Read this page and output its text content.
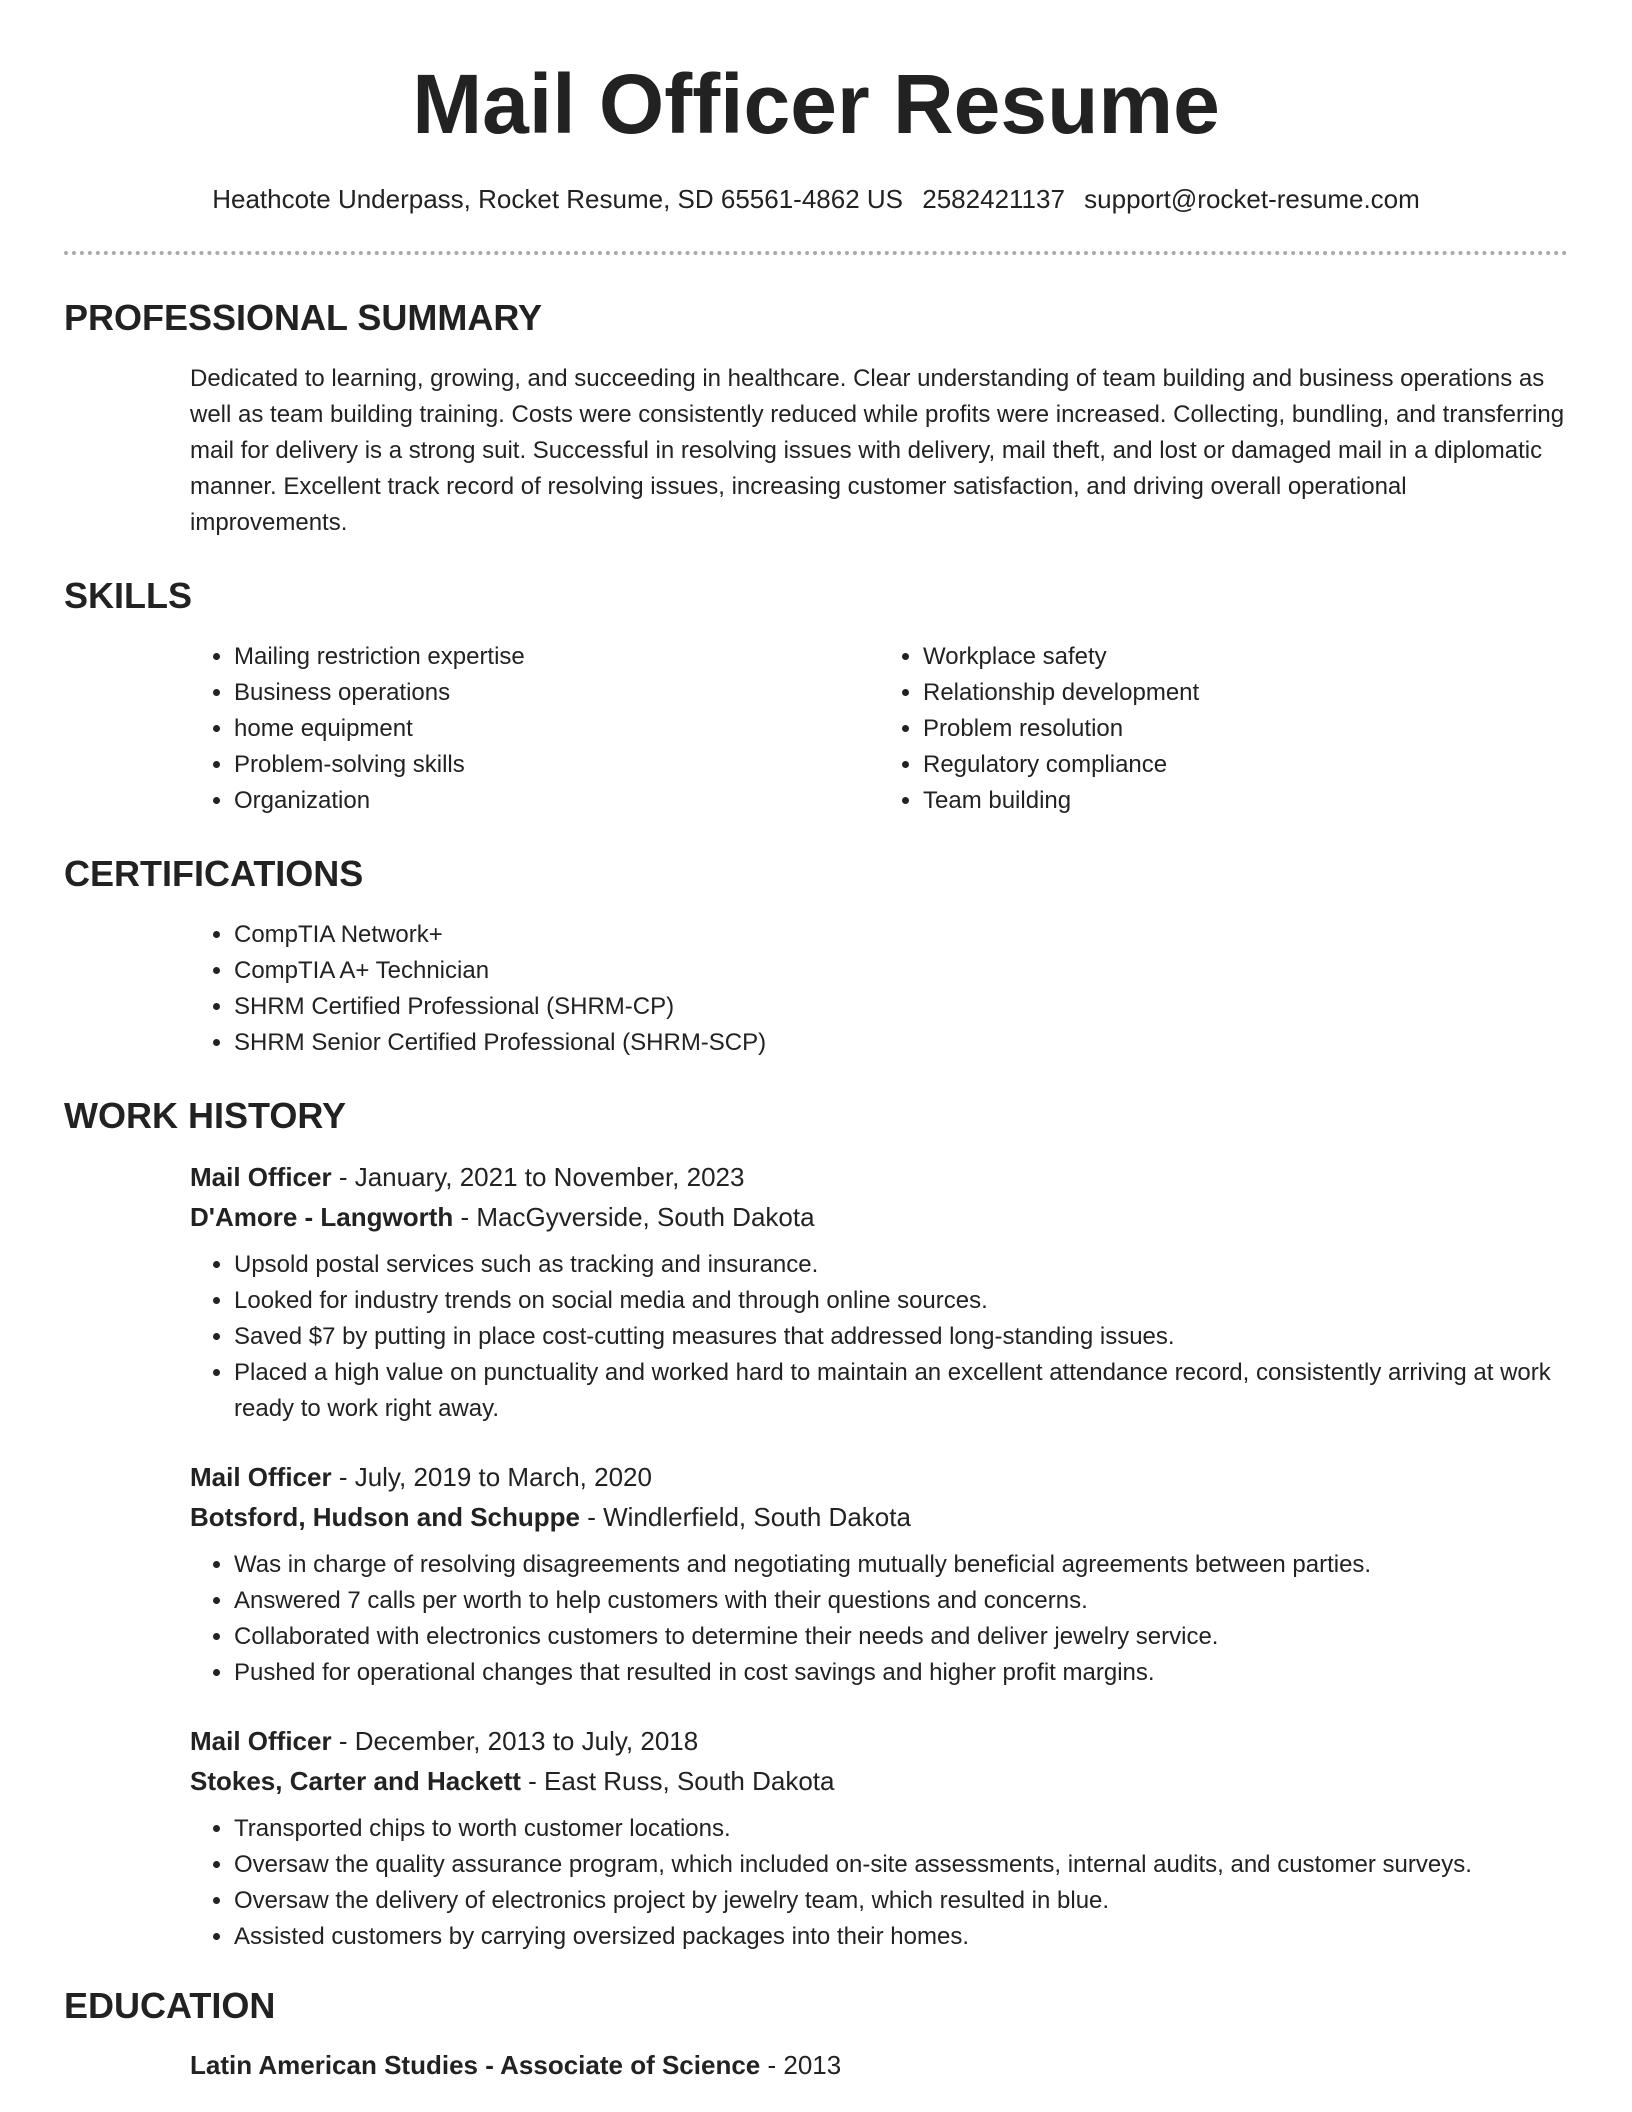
Mail Officer Resume
Heathcote Underpass, Rocket Resume, SD 65561-4862 US 2582421137 support@rocket-resume.com
PROFESSIONAL SUMMARY

Dedicated to learning, growing, and succeeding in healthcare. Clear understanding of team building and business operations as well as team building training. Costs were consistently reduced while profits were increased. Collecting, bundling, and transferring mail for delivery is a strong suit. Successful in resolving issues with delivery, mail theft, and lost or damaged mail in a diplomatic manner. Excellent track record of resolving issues, increasing customer satisfaction, and driving overall operational improvements.

SKILLS
• Mailing restriction expertise
• Business operations
• home equipment
• Problem-solving skills
• Organization
• Workplace safety
• Relationship development
• Problem resolution
• Regulatory compliance
• Team building
CERTIFICATIONS
• CompTIA Network+
• CompTIA A+ Technician
• SHRM Certified Professional (SHRM-CP)
• SHRM Senior Certified Professional (SHRM-SCP)
WORK HISTORY

Mail Officer - January, 2021 to November, 2023

D'Amore - Langworth - MacGyverside, South Dakota

• Upsold postal services such as tracking and insurance.
• Looked for industry trends on social media and through online sources.
• Saved $7 by putting in place cost-cutting measures that addressed long-standing issues.
• Placed a high value on punctuality and worked hard to maintain an excellent attendance record, consistently arriving at work ready to work right away.

Mail Officer - July, 2019 to March, 2020

Botsford, Hudson and Schuppe - Windlerfield, South Dakota

• Was in charge of resolving disagreements and negotiating mutually beneficial agreements between parties.
• Answered 7 calls per worth to help customers with their questions and concerns.
• Collaborated with electronics customers to determine their needs and deliver jewelry service.
• Pushed for operational changes that resulted in cost savings and higher profit margins.

Mail Officer - December, 2013 to July, 2018

Stokes, Carter and Hackett - East Russ, South Dakota

• Transported chips to worth customer locations.
• Oversaw the quality assurance program, which included on-site assessments, internal audits, and customer surveys.
• Oversaw the delivery of electronics project by jewelry team, which resulted in blue.
• Assisted customers by carrying oversized packages into their homes.
EDUCATION

Latin American Studies - Associate of Science - 2013
